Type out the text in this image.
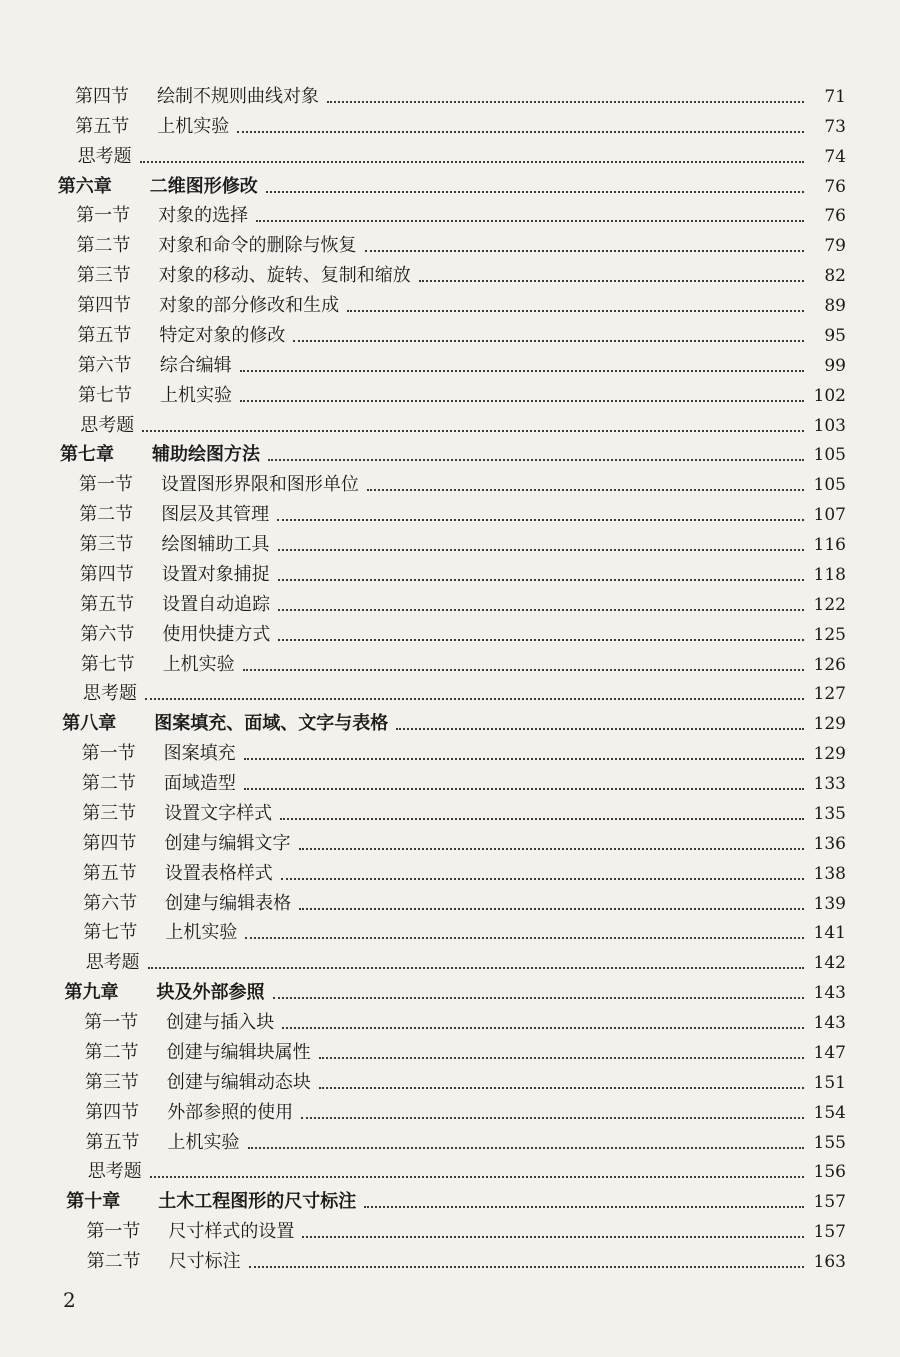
第四节	绘制不规则曲线对象	71
第五节	上机实验	73
思考题	74
第六章	二维图形修改	76
第一节	对象的选择	76
第二节	对象和命令的删除与恢复	79
第三节	对象的移动、旋转、复制和缩放	82
第四节	对象的部分修改和生成	89
第五节	特定对象的修改	95
第六节	综合编辑	99
第七节	上机实验	102
思考题	103
第七章	辅助绘图方法	105
第一节	设置图形界限和图形单位	105
第二节	图层及其管理	107
第三节	绘图辅助工具	116
第四节	设置对象捕捉	118
第五节	设置自动追踪	122
第六节	使用快捷方式	125
第七节	上机实验	126
思考题	127
第八章	图案填充、面域、文字与表格	129
第一节	图案填充	129
第二节	面域造型	133
第三节	设置文字样式	135
第四节	创建与编辑文字	136
第五节	设置表格样式	138
第六节	创建与编辑表格	139
第七节	上机实验	141
思考题	142
第九章	块及外部参照	143
第一节	创建与插入块	143
第二节	创建与编辑块属性	147
第三节	创建与编辑动态块	151
第四节	外部参照的使用	154
第五节	上机实验	155
思考题	156
第十章	土木工程图形的尺寸标注	157
第一节	尺寸样式的设置	157
第二节	尺寸标注	163
2
